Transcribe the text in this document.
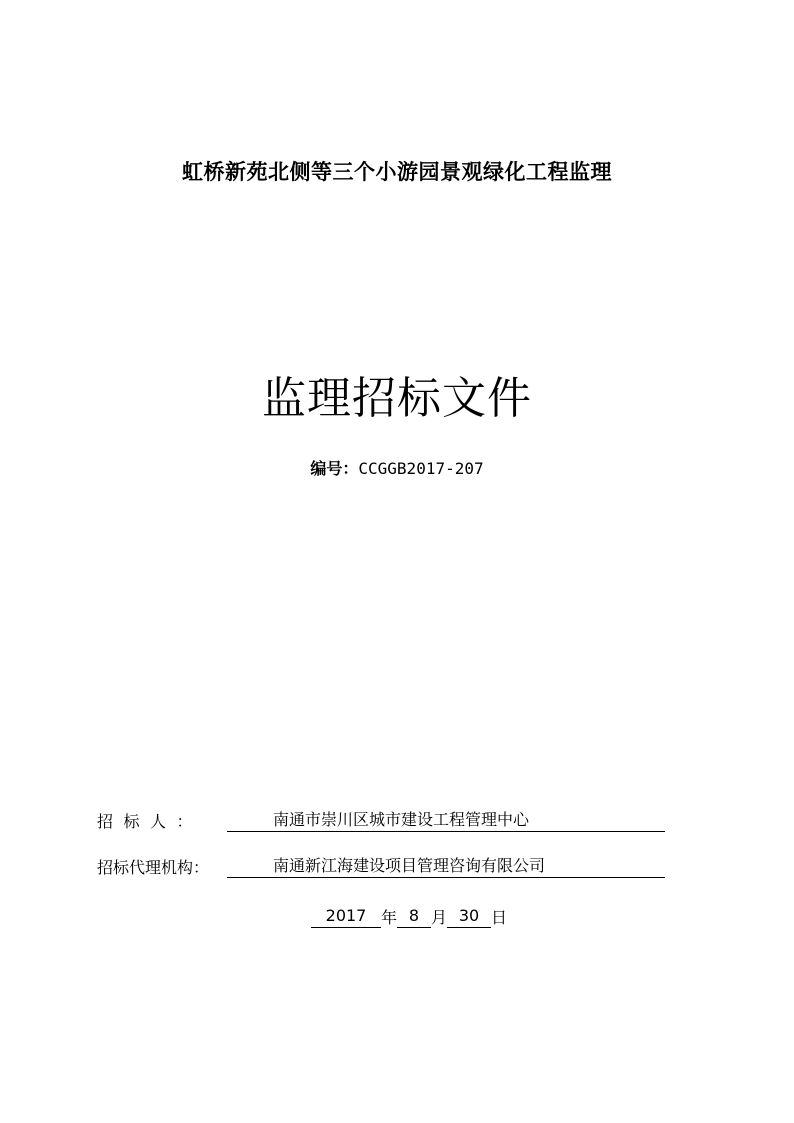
虹桥新苑北侧等三个小游园景观绿化工程监理
监理招标文件
编号：CCGGB2017-207
招标人：	南通市崇川区城市建设工程管理中心
招标代理机构：	南通新江海建设项目管理咨询有限公司
2017 年 8 月 30 日
